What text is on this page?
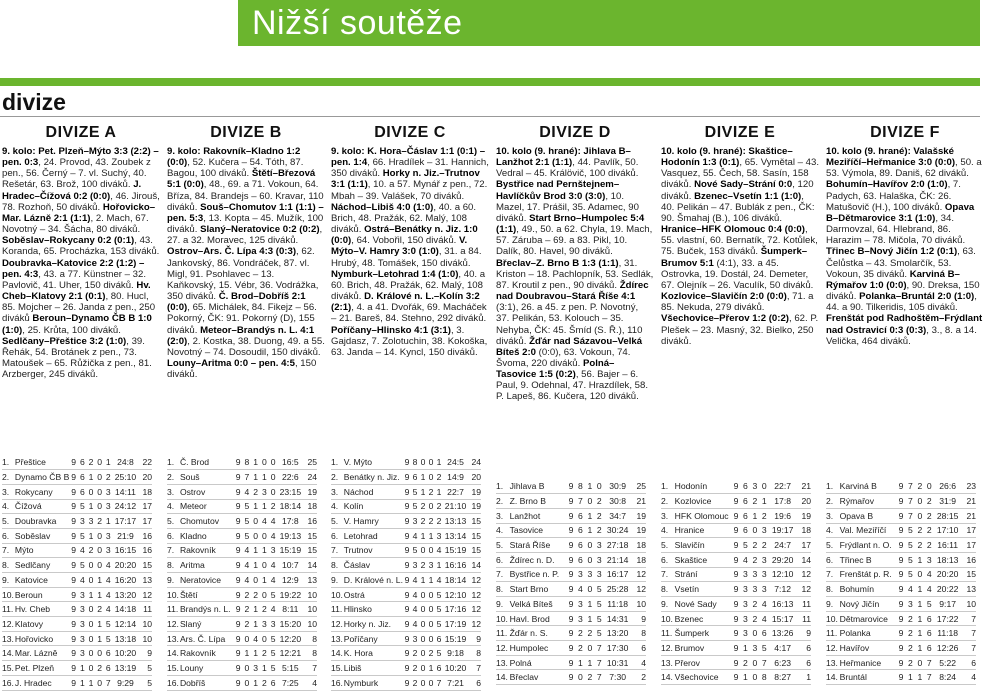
Nižší soutěže
divize
DIVIZE A
9. kolo: Pet. Plzeň–Mýto 3:3 (2:2) – pen. 0:3, 24. Provod, 43. Zoubek z pen., 56. Černý – 7. vl. Suchý, 40. Rešetár, 63. Brož, 100 diváků. J. Hradec–Čížová 0:2 (0:0), 46. Jirouš, 78. Rozhoň, 50 diváků. Hořovicko–Mar. Lázně 2:1 (1:1), 2. Mach, 67. Novotný – 34. Šácha, 80 diváků. Soběslav–Rokycany 0:2 (0:1), 43. Koranda, 65. Procházka, 153 diváků. Doubravka–Katovice 2:2 (1:2) – pen. 4:3, 43. a 77. Künstner – 32. Pavlovič, 41. Uher, 150 diváků. Hv. Cheb–Klatovy 2:1 (0:1), 80. Hucl, 85. Mojcher – 26. Janda z pen., 250 diváků Beroun–Dynamo ČB B 1:0 (1:0), 25. Krůta, 100 diváků. Sedlčany–Přeštice 3:2 (1:0), 39. Řehák, 54. Brotánek z pen., 73. Matoušek – 65. Růžička z pen., 81. Arzberger, 245 diváků.
DIVIZE B
9. kolo: Rakovník–Kladno 1:2 (0:0), 52. Kučera – 54. Tóth, 87. Bagou, 100 diváků. Štětí–Březová 5:1 (0:0), 48., 69. a 71. Vokoun, 64. Bříza, 84. Brandejs – 60. Kravar, 110 diváků. Souš–Chomutov 1:1 (1:1) – pen. 5:3, 13. Kopta – 45. Mužík, 100 diváků. Slaný–Neratovice 0:2 (0:2), 27. a 32. Moravec, 125 diváků. Ostrov–Ars. Č. Lípa 4:3 (0:3), 62. Jankovský, 86. Vondráček, 87. vl. Migl, 91. Psohlavec – 13. Kaňkovský, 15. Vébr, 36. Vodrážka, 350 diváků. Č. Brod–Dobříš 2:1 (0:0), 65. Michálek, 84. Fikejz – 56. Pokorný, ČK: 91. Pokorný (D), 155 diváků. Meteor–Brandýs n. L. 4:1 (2:0), 2. Kostka, 38. Duong, 49. a 55. Novotný – 74. Dosoudil, 150 diváků. Louny–Aritma 0:0 – pen. 4:5, 150 diváků.
DIVIZE C
9. kolo: K. Hora–Čáslav 1:1 (0:1) – pen. 1:4, 66. Hradílek – 31. Hannich, 350 diváků. Horky n. Jiz.–Trutnov 3:1 (1:1), 10. a 57. Mynář z pen., 72. Mbah – 39. Valášek, 70 diváků. Náchod–Libiš 4:0 (1:0), 40. a 60. Brich, 48. Pražák, 62. Malý, 108 diváků. Ostrá–Benátky n. Jiz. 1:0 (0:0), 64. Vobořil, 150 diváků. V. Mýto–V. Hamry 3:0 (1:0), 31. a 84. Hrubý, 48. Tomášek, 150 diváků. Nymburk–Letohrad 1:4 (1:0), 40. a 60. Brich, 48. Pražák, 62. Malý, 108 diváků. D. Králové n. L.–Kolín 3:2 (2:1), 4. a 41. Dvořák, 69. Macháček – 21. Bareš, 84. Stehno, 292 diváků. Poříčany–Hlinsko 4:1 (3:1), 3. Gajdasz, 7. Zolotuchin, 38. Kokoška, 63. Janda – 14. Kyncl, 150 diváků.
DIVIZE D
10. kolo (9. hrané): Jihlava B–Lanžhot 2:1 (1:1), 44. Pavlík, 50. Vedral – 45. Králövič, 100 diváků. Bystřice nad Pernštejnem–Havlíčkův Brod 3:0 (3:0), 10. Mazel, 17. Prášil, 35. Adamec, 90 diváků. Start Brno–Humpolec 5:4 (1:1), 49., 50. a 62. Chyla, 19. Mach, 57. Záruba – 69. a 83. Pikl, 10. Dalík, 80. Havel, 90 diváků. Břeclav–Z. Brno B 1:3 (1:1), 31. Kriston – 18. Pachlopník, 53. Sedlák, 87. Kroutil z pen., 90 diváků. Ždírec nad Doubravou–Stará Říše 4:1 (3:1), 26. a 45. z pen. P. Novotný, 37. Pelikán, 53. Kolouch – 35. Nehyba, ČK: 45. Šmíd (S. Ř.), 110 diváků. Žďár nad Sázavou–Velká Bíteš 2:0 (0:0), 63. Vokoun, 74. Švoma, 220 diváků. Polná–Tasovice 1:5 (0:2), 56. Bajer – 6. Paul, 9. Odehnal, 47. Hrazdílek, 58. P. Lapeš, 86. Kučera, 120 diváků.
DIVIZE E
10. kolo (9. hrané): Skaštice–Hodonín 1:3 (0:1), 65. Vymětal – 43. Vasquez, 55. Čech, 58. Sasín, 158 diváků. Nové Sady–Strání 0:0, 120 diváků. Bzenec–Vsetín 1:1 (1:0), 40. Pelikán – 47. Bublák z pen., ČK: 90. Šmahaj (B.), 106 diváků. Hranice–HFK Olomouc 0:4 (0:0), 55. vlastní, 60. Bernatík, 72. Kotůlek, 75. Buček, 153 diváků. Šumperk–Brumov 5:1 (4:1), 33. a 45. Ostrovka, 19. Dostál, 24. Demeter, 67. Olejník – 26. Vaculík, 50 diváků. Kozlovice–Slavičín 2:0 (0:0), 71. a 85. Nekuda, 279 diváků. Všechovice–Přerov 1:2 (0:2), 62. P. Plešek – 23. Masný, 32. Bielko, 250 diváků.
DIVIZE F
10. kolo (9. hrané): Valašské Meziříčí–Heřmanice 3:0 (0:0), 50. a 53. Výmola, 89. Daniš, 62 diváků. Bohumín–Havířov 2:0 (1:0), 7. Padych, 63. Halaška, ČK: 26. Matušovič (H.), 100 diváků. Opava B–Dětmarovice 3:1 (1:0), 34. Darmovzal, 64. Hlebrand, 86. Harazim – 78. Mičola, 70 diváků. Třinec B–Nový Jičín 1:2 (0:1), 63. Čelůstka – 43. Smolarčík, 53. Vokoun, 35 diváků. Karviná B–Rýmařov 1:0 (0:0), 90. Dreksa, 150 diváků. Polanka–Bruntál 2:0 (1:0), 44. a 90. Tilkeridis, 105 diváků. Frenštát pod Radhoštěm–Frýdlant nad Ostravicí 0:3 (0:3), 3., 8. a 14. Velička, 464 diváků.
1.	Přeštice	9	6	2	0	1	24:8	22
2.	Dynamo ČB B	9	6	1	0	2	25:10	20
3.	Rokycany	9	6	0	0	3	14:11	18
4.	Čížová	9	5	1	0	3	24:12	17
5.	Doubravka	9	3	3	2	1	17:17	17
6.	Soběslav	9	5	1	0	3	21:9	16
7.	Mýto	9	4	2	0	3	16:15	16
8.	Sedlčany	9	5	0	0	4	20:20	15
9.	Katovice	9	4	0	1	4	16:20	13
10.	Beroun	9	3	1	1	4	13:20	12
11.	Hv. Cheb	9	3	0	2	4	14:18	11
12.	Klatovy	9	3	0	1	5	12:14	10
13.	Hořovicko	9	3	0	1	5	13:18	10
14.	Mar. Lázně	9	3	0	0	6	10:20	9
15.	Pet. Plzeň	9	1	0	2	6	13:19	5
16.	J. Hradec	9	1	1	0	7	9:29	5
1.	Č. Brod	9	8	1	0	0	16:5	25
2.	Souš	9	7	1	1	0	22:6	24
3.	Ostrov	9	4	2	3	0	23:15	19
4.	Meteor	9	5	1	1	2	18:14	18
5.	Chomutov	9	5	0	4	4	17:8	16
6.	Kladno	9	5	0	0	4	19:13	15
7.	Rakovník	9	4	1	1	3	15:19	15
8.	Aritma	9	4	1	0	4	10:7	14
9.	Neratovice	9	4	0	1	4	12:9	13
10.	Štětí	9	2	2	0	5	19:22	10
11.	Brandýs n. L.	9	2	1	2	4	8:11	10
12.	Slaný	9	2	1	3	3	15:20	10
13.	Ars. Č. Lípa	9	0	4	0	5	12:20	8
14.	Rakovník	9	1	1	2	5	12:21	8
15.	Louny	9	0	3	1	5	5:15	7
16.	Dobříš	9	0	1	2	6	7:25	4
1.	V. Mýto	9	8	0	0	1	24:5	24
2.	Benátky n. Jiz.	9	6	1	0	2	14:9	20
3.	Náchod	9	5	1	2	1	22:7	19
4.	Kolín	9	5	2	0	2	21:10	19
5.	V. Hamry	9	3	2	2	2	13:13	15
6.	Letohrad	9	4	1	1	3	13:14	15
7.	Trutnov	9	5	0	0	4	15:19	15
8.	Čáslav	9	3	2	3	1	16:16	14
9.	D. Králové n. L.	9	4	1	1	4	18:14	12
10.	Ostrá	9	4	0	0	5	12:10	12
11.	Hlinsko	9	4	0	0	5	17:16	12
12.	Horky n. Jiz.	9	4	0	0	5	17:19	12
13.	Poříčany	9	3	0	0	6	15:19	9
14.	K. Hora	9	2	0	2	5	9:18	8
15.	Libiš	9	2	0	1	6	10:20	7
16.	Nymburk	9	2	0	0	7	7:21	6
1.	Jihlava B	9	8	1	0	30:9	25
2.	Z. Brno B	9	7	0	2	30:8	21
3.	Lanžhot	9	6	1	2	34:7	19
4.	Tasovice	9	6	1	2	30:24	19
5.	Stará Říše	9	6	0	3	27:18	18
6.	Ždírec n. D.	9	6	0	3	21:14	18
7.	Bystřice n. P.	9	3	3	3	16:17	12
8.	Start Brno	9	4	0	5	25:28	12
9.	Velká Bíteš	9	3	1	5	11:18	10
10.	Havl. Brod	9	3	1	5	14:31	9
11.	Žďár n. S.	9	2	2	5	13:20	8
12.	Humpolec	9	2	0	7	17:30	6
13.	Polná	9	1	1	7	10:31	4
14.	Břeclav	9	0	2	7	7:30	2
1.	Hodonín	9	6	3	0	22:7	21
2.	Kozlovice	9	6	2	1	17:8	20
3.	HFK Olomouc	9	6	1	2	19:6	19
4.	Hranice	9	6	0	3	19:17	18
5.	Slavičín	9	5	2	2	24:7	17
6.	Skaštice	9	4	2	3	29:20	14
7.	Strání	9	3	3	3	12:10	12
8.	Vsetín	9	3	3	3	7:12	12
9.	Nové Sady	9	3	2	4	16:13	11
10.	Bzenec	9	3	2	4	15:17	11
11.	Šumperk	9	3	0	6	13:26	9
12.	Brumov	9	1	3	5	4:17	6
13.	Přerov	9	2	0	7	6:23	6
14.	Všechovice	9	1	0	8	8:27	1
1.	Karviná B	9	7	2	0	26:6	23
2.	Rýmařov	9	7	0	2	31:9	21
3.	Opava B	9	7	0	2	28:15	21
4.	Val. Meziříčí	9	5	2	2	17:10	17
5.	Frýdlant n. O.	9	5	2	2	16:11	17
6.	Třinec B	9	5	1	3	18:13	16
7.	Frenštát p. R.	9	5	0	4	20:20	15
8.	Bohumín	9	4	1	4	20:22	13
9.	Nový Jičín	9	3	1	5	9:17	10
10.	Dětmarovice	9	2	1	6	17:22	7
11.	Polanka	9	2	1	6	11:18	7
12.	Havířov	9	2	1	6	12:26	7
13.	Heřmanice	9	2	0	7	5:22	6
14.	Bruntál	9	1	1	7	8:24	4
